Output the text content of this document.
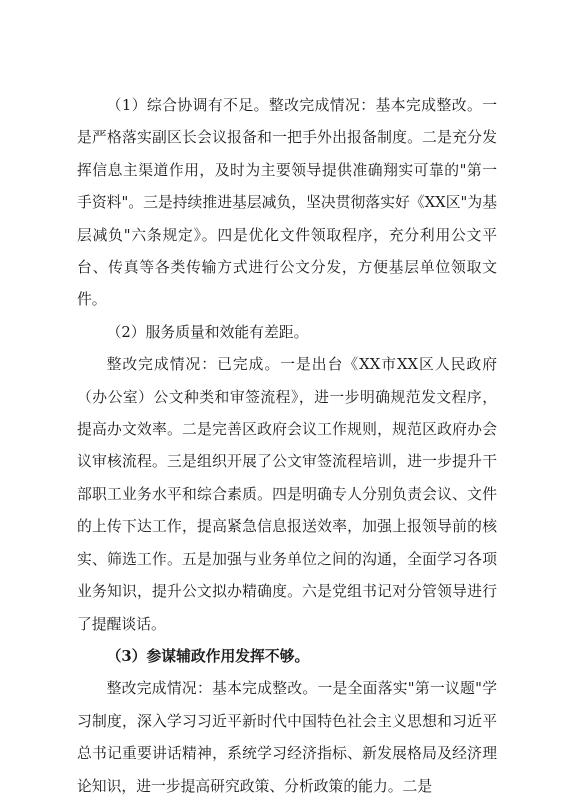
（1）综合协调有不足。整改完成情况：基本完成整改。一是严格落实副区长会议报备和一把手外出报备制度。二是充分发挥信息主渠道作用，及时为主要领导提供准确翔实可靠的"第一手资料"。三是持续推进基层减负，坚决贯彻落实好《XX区"为基层减负"六条规定》。四是优化文件领取程序，充分利用公文平台、传真等各类传输方式进行公文分发，方便基层单位领取文件。

（2）服务质量和效能有差距。

整改完成情况：已完成。一是出台《XX市XX区人民政府（办公室）公文种类和审签流程》，进一步明确规范发文程序，提高办文效率。二是完善区政府会议工作规则，规范区政府办会议审核流程。三是组织开展了公文审签流程培训，进一步提升干部职工业务水平和综合素质。四是明确专人分别负责会议、文件的上传下达工作，提高紧急信息报送效率，加强上报领导前的核实、筛选工作。五是加强与业务单位之间的沟通，全面学习各项业务知识，提升公文拟办精确度。六是党组书记对分管领导进行了提醒谈话。

（3）参谋辅政作用发挥不够。

整改完成情况：基本完成整改。一是全面落实"第一议题"学习制度，深入学习习近平新时代中国特色社会主义思想和习近平总书记重要讲话精神，系统学习经济指标、新发展格局及经济理论知识，进一步提高研究政策、分析政策的能力。二是
